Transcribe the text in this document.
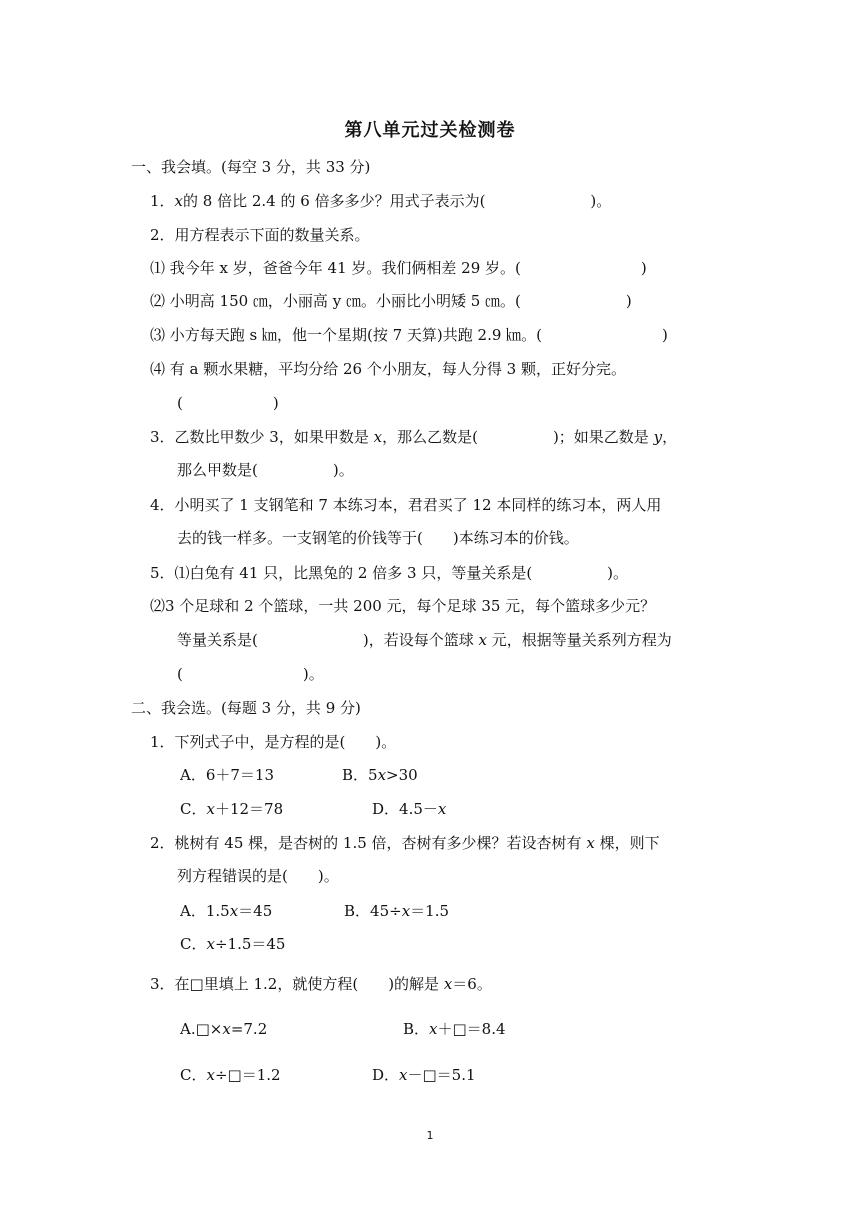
第八单元过关检测卷
一、我会填。(每空 3 分，共 33 分)
1．x的 8 倍比 2.4 的 6 倍多多少？用式子表示为(　　　　　　　)。
2．用方程表示下面的数量关系。
⑴ 我今年 x 岁，爸爸今年 41 岁。我们俩相差 29 岁。(　　　　　　　　)
⑵ 小明高 150 ㎝，小丽高 y ㎝。小丽比小明矮 5 ㎝。(　　　　　　　)
⑶ 小方每天跑 s ㎞，他一个星期(按 7 天算)共跑 2.9 ㎞。(　　　　　　　　)
⑷ 有 a 颗水果糖，平均分给 26 个小朋友，每人分得 3 颗，正好分完。
(　　　　　　)
3．乙数比甲数少 3，如果甲数是 x，那么乙数是(　　　　　)；如果乙数是 y，
那么甲数是(　　　　　)。
4．小明买了 1 支钢笔和 7 本练习本，君君买了 12 本同样的练习本，两人用
去的钱一样多。一支钢笔的价钱等于(　　)本练习本的价钱。
5．⑴白兔有 41 只，比黑兔的 2 倍多 3 只，等量关系是(　　　　　)。
⑵3 个足球和 2 个篮球，一共 200 元，每个足球 35 元，每个篮球多少元？
等量关系是(　　　　　　　)，若设每个篮球 x 元，根据等量关系列方程为
(　　　　　　　　)。
二、我会选。(每题 3 分，共 9 分)
1．下列式子中，是方程的是(　　)。
A．6＋7＝13	B．5x>30
C．x＋12＝78	D．4.5－x
2．桃树有 45 棵，是杏树的 1.5 倍，杏树有多少棵？若设杏树有 x 棵，则下
列方程错误的是(　　)。
A．1.5x＝45	B．45÷x＝1.5
C．x÷1.5＝45
3．在□里填上 1.2，就使方程(　　)的解是 x＝6。
A.□×x=7.2	B．x＋□＝8.4
C．x÷□＝1.2	D．x－□＝5.1
1
